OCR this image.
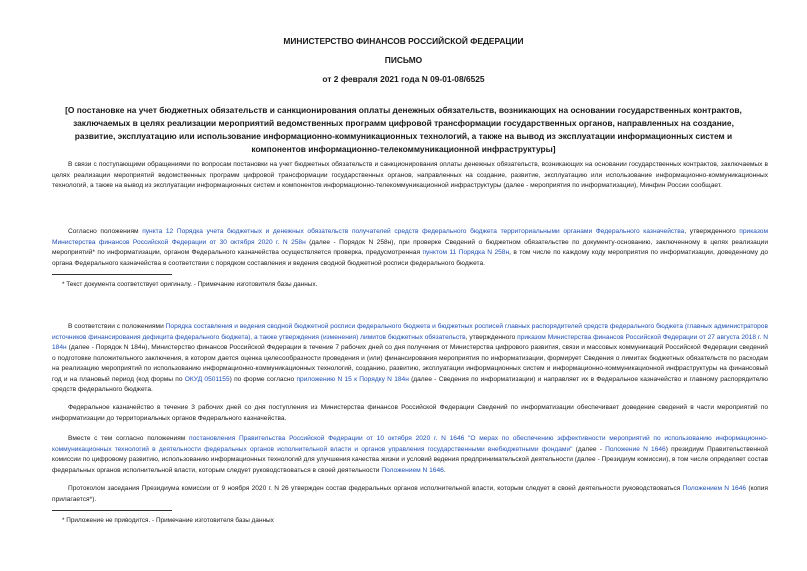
МИНИСТЕРСТВО ФИНАНСОВ РОССИЙСКОЙ ФЕДЕРАЦИИ
ПИСЬМО
от 2 февраля 2021 года N 09-01-08/6525
[О постановке на учет бюджетных обязательств и санкционирования оплаты денежных обязательств, возникающих на основании государственных контрактов, заключаемых в целях реализации мероприятий ведомственных программ цифровой трансформации государственных органов, направленных на создание, развитие, эксплуатацию или использование информационно-коммуникационных технологий, а также на вывод из эксплуатации информационных систем и компонентов информационно-телекоммуникационной инфраструктуры]

В связи с поступающими обращениями по вопросам постановки на учет бюджетных обязательств и санкционирования оплаты денежных обязательств, возникающих на основании государственных контрактов, заключаемых в целях реализации мероприятий ведомственных программ цифровой трансформации государственных органов, направленных на создание, развитие, эксплуатацию или использование информационно-коммуникационных технологий, а также на вывод из эксплуатации информационных систем и компонентов информационно-телекоммуникационной инфраструктуры (далее - мероприятия по информатизации), Минфин России сообщает.

Согласно положениям пункта 12 Порядка учета бюджетных и денежных обязательств получателей средств федерального бюджета территориальными органами Федерального казначейства, утвержденного приказом Министерства финансов Российской Федерации от 30 октября 2020 г. N 258н (далее - Порядок N 258н), при проверке Сведений о бюджетном обязательстве по документу-основанию, заключенному в целях реализации мероприятий* по информатизации, органом Федерального казначейства осуществляется проверка, предусмотренная пунктом 11 Порядка N 258н, в том числе по каждому коду мероприятия по информатизации, доведенному до органа Федерального казначейства в соответствии с порядком составления и ведения сводной бюджетной росписи федерального бюджета.

* Текст документа соответствует оригиналу. - Примечание изготовителя базы данных.

В соответствии с положениями Порядка составления и ведения сводной бюджетной росписи федерального бюджета и бюджетных росписей главных распорядителей средств федерального бюджета (главных администраторов источников финансирования дефицита федерального бюджета), а также утверждения (изменения) лимитов бюджетных обязательств, утвержденного приказом Министерства финансов Российской Федерации от 27 августа 2018 г. N 184н (далее - Порядок N 184н), Министерство финансов Российской Федерации в течение 7 рабочих дней со дня получения от Министерства цифрового развития, связи и массовых коммуникаций Российской Федерации сведений о подготовке положительного заключения, в котором дается оценка целесообразности проведения и (или) финансирования мероприятия по информатизации, формирует Сведения о лимитах бюджетных обязательств по расходам на реализацию мероприятий по использованию информационно-коммуникационных технологий, созданию, развитию, эксплуатации информационных систем и информационно-коммуникационной инфраструктуры на финансовый год и на плановый период (код формы по ОКУД 0501155) по форме согласно приложению N 15 к Порядку N 184н (далее - Сведения по информатизации) и направляет их в Федеральное казначейство и главному распорядителю средств федерального бюджета.

Федеральное казначейство в течение 3 рабочих дней со дня поступления из Министерства финансов Российской Федерации Сведений по информатизации обеспечивает доведение сведений в части мероприятий по информатизации до территориальных органов Федерального казначейства.

Вместе с тем согласно положениям постановления Правительства Российской Федерации от 10 октября 2020 г. N 1646 "О мерах по обеспечению эффективности мероприятий по использованию информационно-коммуникационных технологий в деятельности федеральных органов исполнительной власти и органов управления государственными внебюджетными фондами" (далее - Положение N 1646) президиум Правительственной комиссии по цифровому развитию, использованию информационных технологий для улучшения качества жизни и условий ведения предпринимательской деятельности (далее - Президиум комиссии), в том числе определяет состав федеральных органов исполнительной власти, которым следует руководствоваться в своей деятельности Положением N 1646.

Протоколом заседания Президиума комиссии от 9 ноября 2020 г. N 26 утвержден состав федеральных органов исполнительной власти, которым следует в своей деятельности руководствоваться Положением N 1646 (копия прилагается*).

* Приложение не приводится. - Примечание изготовителя базы данных
